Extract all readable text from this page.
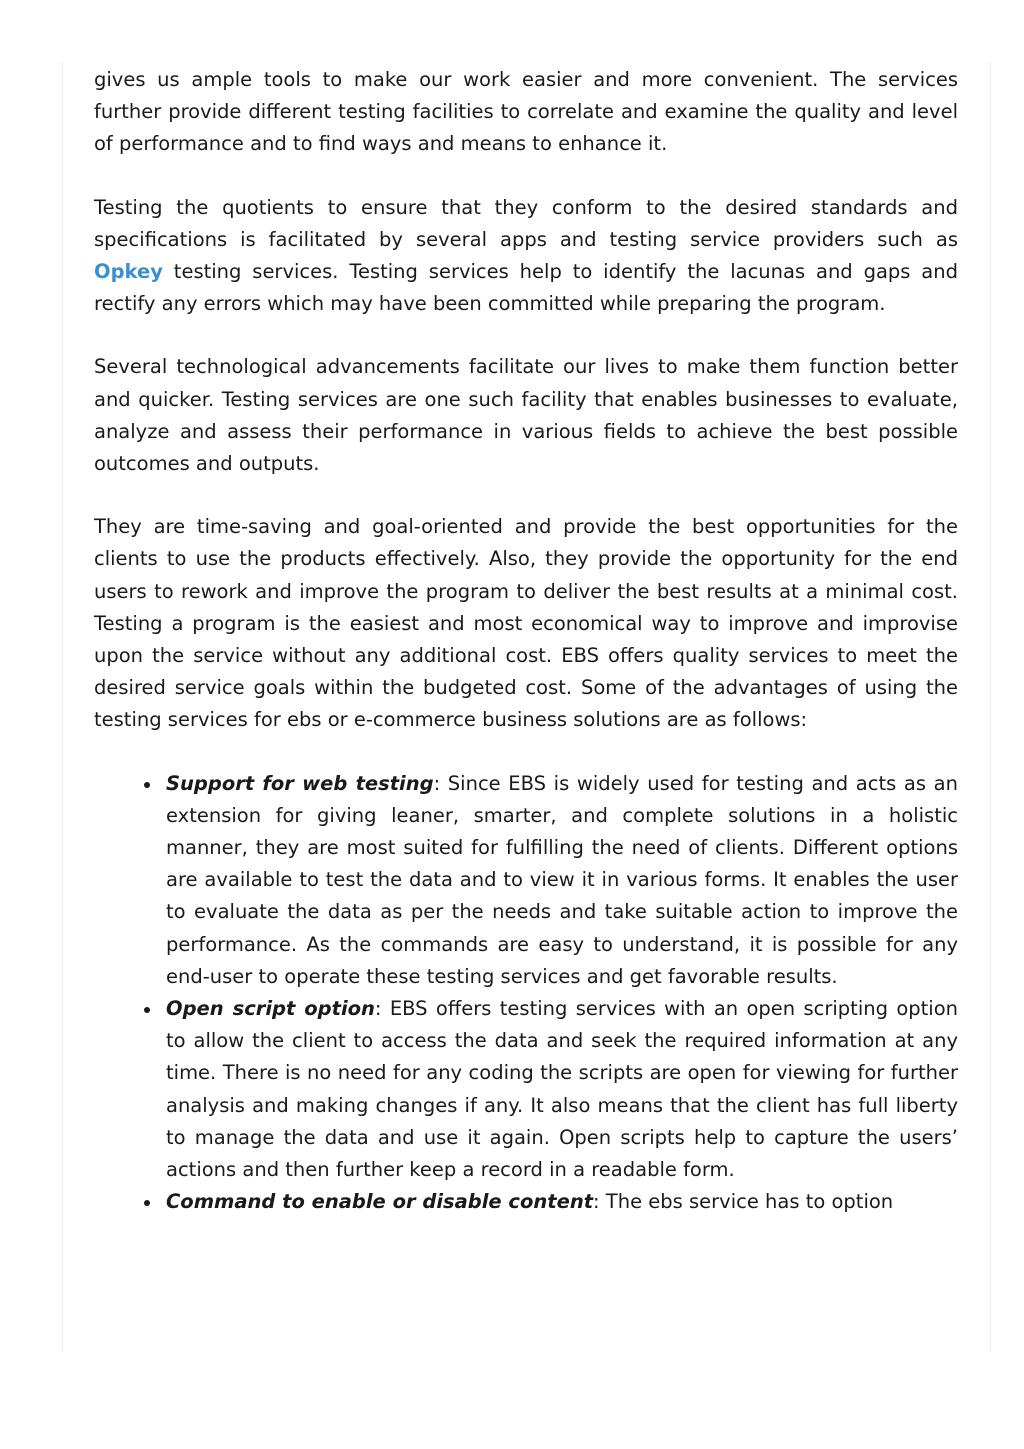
gives us ample tools to make our work easier and more convenient. The services further provide different testing facilities to correlate and examine the quality and level of performance and to find ways and means to enhance it.

Testing the quotients to ensure that they conform to the desired standards and specifications is facilitated by several apps and testing service providers such as Opkey testing services. Testing services help to identify the lacunas and gaps and rectify any errors which may have been committed while preparing the program.

Several technological advancements facilitate our lives to make them function better and quicker. Testing services are one such facility that enables businesses to evaluate, analyze and assess their performance in various fields to achieve the best possible outcomes and outputs.

They are time-saving and goal-oriented and provide the best opportunities for the clients to use the products effectively. Also, they provide the opportunity for the end users to rework and improve the program to deliver the best results at a minimal cost. Testing a program is the easiest and most economical way to improve and improvise upon the service without any additional cost. EBS offers quality services to meet the desired service goals within the budgeted cost. Some of the advantages of using the testing services for ebs or e-commerce business solutions are as follows:

Support for web testing: Since EBS is widely used for testing and acts as an extension for giving leaner, smarter, and complete solutions in a holistic manner, they are most suited for fulfilling the need of clients. Different options are available to test the data and to view it in various forms. It enables the user to evaluate the data as per the needs and take suitable action to improve the performance. As the commands are easy to understand, it is possible for any end-user to operate these testing services and get favorable results.
Open script option: EBS offers testing services with an open scripting option to allow the client to access the data and seek the required information at any time. There is no need for any coding the scripts are open for viewing for further analysis and making changes if any. It also means that the client has full liberty to manage the data and use it again. Open scripts help to capture the users’ actions and then further keep a record in a readable form.
Command to enable or disable content: The ebs service has to option
